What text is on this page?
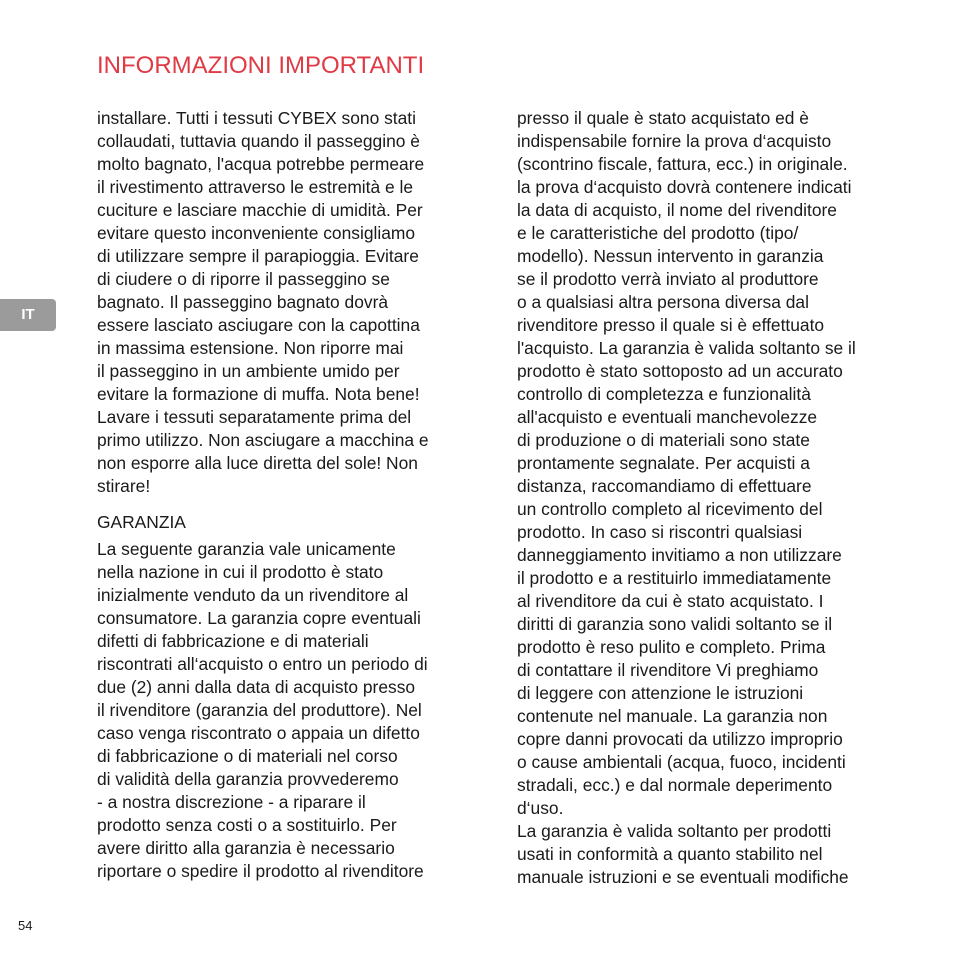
INFORMAZIONI IMPORTANTI
IT

installare. Tutti i tessuti CYBEX sono stati
collaudati, tuttavia quando il passeggino è
molto bagnato, l'acqua potrebbe permeare
il rivestimento attraverso le estremità e le
cuciture e lasciare macchie di umidità. Per
evitare questo inconveniente consigliamo
di utilizzare sempre il parapioggia. Evitare
di ciudere o di riporre il passeggino se
bagnato. Il passeggino bagnato dovrà
essere lasciato asciugare con la capottina
in massima estensione. Non riporre mai
il passeggino in un ambiente umido per
evitare la formazione di muffa. Nota bene!
Lavare i tessuti separatamente prima del
primo utilizzo. Non asciugare a macchina e
non esporre alla luce diretta del sole! Non
stirare!

GARANZIA

La seguente garanzia vale unicamente
nella nazione in cui il prodotto è stato
inizialmente venduto da un rivenditore al
consumatore. La garanzia copre eventuali
difetti di fabbricazione e di materiali
riscontrati all‘acquisto o entro un periodo di
due (2) anni dalla data di acquisto presso
il rivenditore (garanzia del produttore). Nel
caso venga riscontrato o appaia un difetto
di fabbricazione o di materiali nel corso
di validità della garanzia provvederemo
- a nostra discrezione - a riparare il
prodotto senza costi o a sostituirlo. Per
avere diritto alla garanzia è necessario
riportare o spedire il prodotto al rivenditore

presso il quale è stato acquistato ed è
indispensabile fornire la prova d‘acquisto
(scontrino fiscale, fattura, ecc.) in originale.
la prova d‘acquisto dovrà contenere indicati
la data di acquisto, il nome del rivenditore
e le caratteristiche del prodotto (tipo/
modello). Nessun intervento in garanzia
se il prodotto verrà inviato al produttore
o a qualsiasi altra persona diversa dal
rivenditore presso il quale si è effettuato
l'acquisto. La garanzia è valida soltanto se il
prodotto è stato sottoposto ad un accurato
controllo di completezza e funzionalità
all'acquisto e eventuali manchevolezze
di produzione o di materiali sono state
prontamente segnalate. Per acquisti a
distanza, raccomandiamo di effettuare
un controllo completo al ricevimento del
prodotto. In caso si riscontri qualsiasi
danneggiamento invitiamo a non utilizzare
il prodotto e a restituirlo immediatamente
al rivenditore da cui è stato acquistato. I
diritti di garanzia sono validi soltanto se il
prodotto è reso pulito e completo. Prima
di contattare il rivenditore Vi preghiamo
di leggere con attenzione le istruzioni
contenute nel manuale. La garanzia non
copre danni provocati da utilizzo improprio
o cause ambientali (acqua, fuoco, incidenti
stradali, ecc.) e dal normale deperimento
d‘uso.

La garanzia è valida soltanto per prodotti
usati in conformità a quanto stabilito nel
manuale istruzioni e se eventuali modifiche

54
